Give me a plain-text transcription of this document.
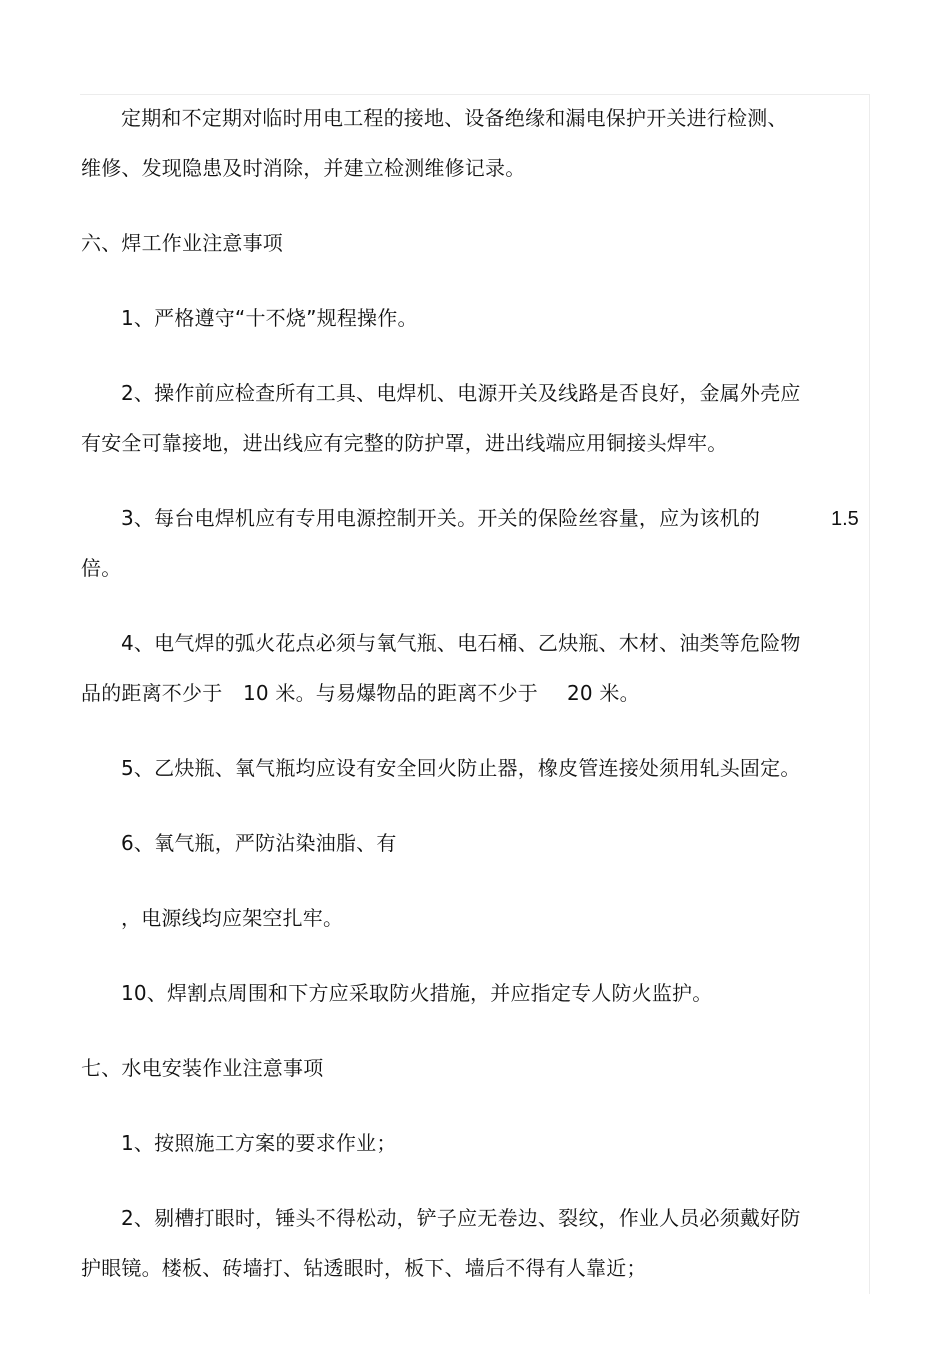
定期和不定期对临时用电工程的接地、设备绝缘和漏电保护开关进行检测、
维修、发现隐患及时消除，并建立检测维修记录。
六、焊工作业注意事项
1、严格遵守“十不烧”规程操作。
2、操作前应检查所有工具、电焊机、电源开关及线路是否良好，金属外壳应
有安全可靠接地，进出线应有完整的防护罩，进出线端应用铜接头焊牢。
3、每台电焊机应有专用电源控制开关。开关的保险丝容量，应为该机的	1.5
倍。
4、电气焊的弧火花点必须与氧气瓶、电石桶、乙炔瓶、木材、油类等危险物
品的距离不少于 10 米。与易爆物品的距离不少于 20 米。
5、乙炔瓶、氧气瓶均应设有安全回火防止器，橡皮管连接处须用轧头固定。
6、氧气瓶，严防沾染油脂、有
，电源线均应架空扎牢。
10、焊割点周围和下方应采取防火措施，并应指定专人防火监护。
七、水电安装作业注意事项
1、按照施工方案的要求作业；
2、剔槽打眼时，锤头不得松动，铲子应无卷边、裂纹，作业人员必须戴好防
护眼镜。楼板、砖墙打、钻透眼时，板下、墙后不得有人靠近；
